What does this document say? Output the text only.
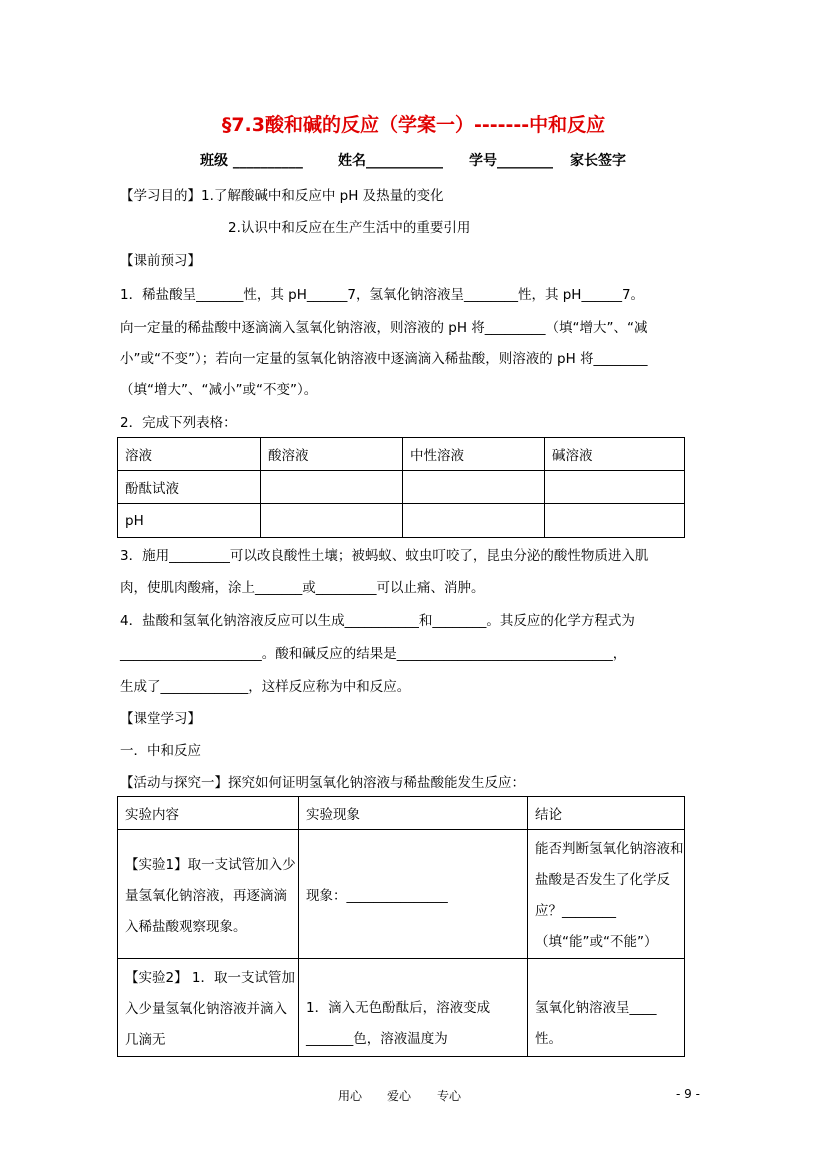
§7.3酸和碱的反应（学案一）------‐中和反应
班级 __________	姓名___________ 学号________ 家长签字
【学习目的】1.了解酸碱中和反应中 pH 及热量的变化
2.认识中和反应在生产生活中的重要引用
【课前预习】
1．稀盐酸呈_______性，其 pH______7，氢氧化钠溶液呈________性，其 pH______7。
向一定量的稀盐酸中逐滴滴入氢氧化钠溶液，则溶液的 pH 将_________（填“增大”、“减
小”或“不变”）；若向一定量的氢氧化钠溶液中逐滴滴入稀盐酸，则溶液的 pH 将________
（填“增大”、“减小”或“不变”）。
2．完成下列表格：
溶液	酸溶液	中性溶液	碱溶液
酚酞试液			
pH			
3．施用_________可以改良酸性土壤；被蚂蚁、蚊虫叮咬了，昆虫分泌的酸性物质进入肌
肉，使肌肉酸痛，涂上_______或_________可以止痛、消肿。
4．盐酸和氢氧化钠溶液反应可以生成___________和________。其反应的化学方程式为
_____________________。酸和碱反应的结果是________________________________，
生成了_____________，这样反应称为中和反应。
【课堂学习】
一．中和反应
【活动与探究一】探究如何证明氢氧化钠溶液与稀盐酸能发生反应：
实验内容	实验现象	结论
【实验1】取一支试管加入少量氢氧化钠溶液，再逐滴滴入稀盐酸观察现象。	现象：_______________	能否判断氢氧化钠溶液和盐酸是否发生了化学反应？________（填“能”或“不能”）
【实验2】 1．取一支试管加入少量氢氧化钠溶液并滴入几滴无	1．滴入无色酚酞后，溶液变成_______色，溶液温度为	氢氧化钠溶液呈____ 性。
用心 爱心 专心	- 9 -
